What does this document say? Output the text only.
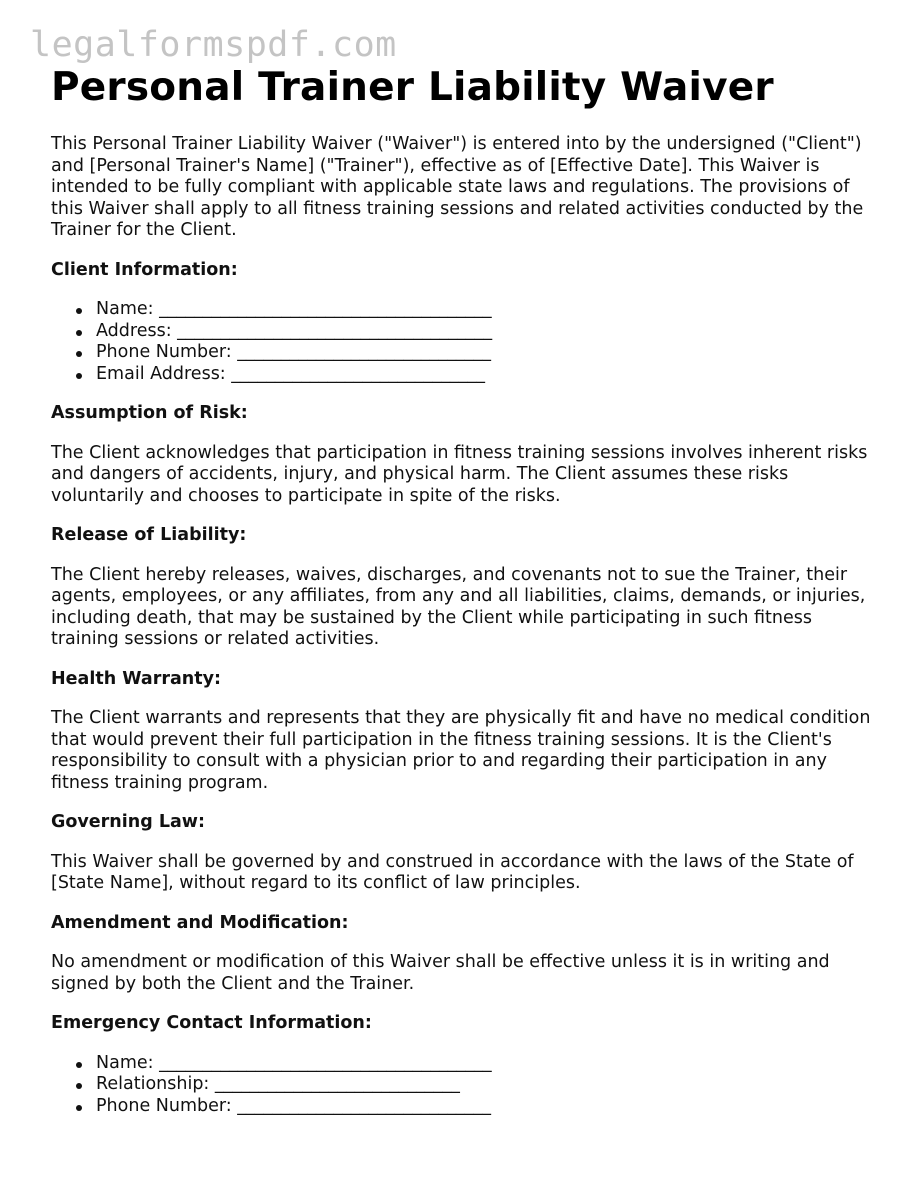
legalformspdf.com
Personal Trainer Liability Waiver

This Personal Trainer Liability Waiver ("Waiver") is entered into by the undersigned ("Client") and [Personal Trainer's Name] ("Trainer"), effective as of [Effective Date]. This Waiver is intended to be fully compliant with applicable state laws and regulations. The provisions of this Waiver shall apply to all fitness training sessions and related activities conducted by the Trainer for the Client.

Client Information:
Name: ______________________________________
Address: ____________________________________
Phone Number: _____________________________
Email Address: _____________________________
Assumption of Risk:

The Client acknowledges that participation in fitness training sessions involves inherent risks and dangers of accidents, injury, and physical harm. The Client assumes these risks voluntarily and chooses to participate in spite of the risks.

Release of Liability:

The Client hereby releases, waives, discharges, and covenants not to sue the Trainer, their agents, employees, or any affiliates, from any and all liabilities, claims, demands, or injuries, including death, that may be sustained by the Client while participating in such fitness training sessions or related activities.

Health Warranty:

The Client warrants and represents that they are physically fit and have no medical condition that would prevent their full participation in the fitness training sessions. It is the Client's responsibility to consult with a physician prior to and regarding their participation in any fitness training program.

Governing Law:

This Waiver shall be governed by and construed in accordance with the laws of the State of [State Name], without regard to its conflict of law principles.

Amendment and Modification:

No amendment or modification of this Waiver shall be effective unless it is in writing and signed by both the Client and the Trainer.

Emergency Contact Information:
Name: ______________________________________
Relationship: ____________________________
Phone Number: _____________________________
